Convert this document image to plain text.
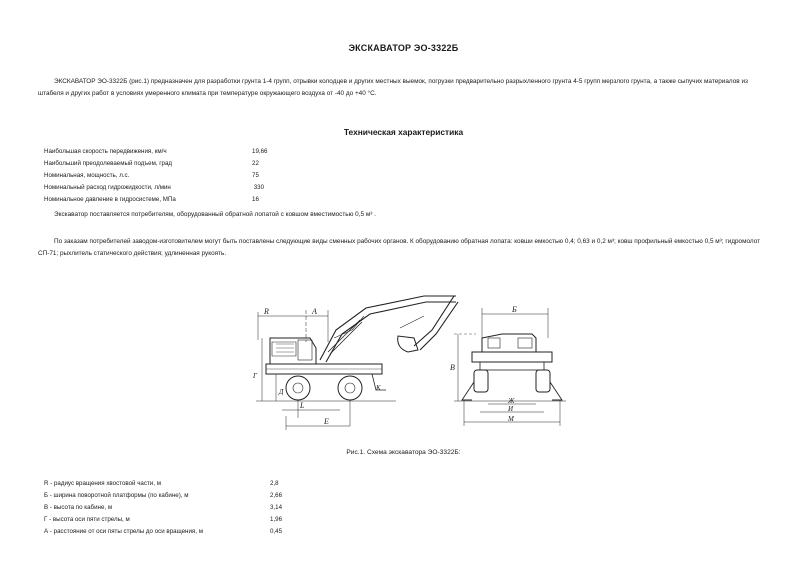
ЭКСКАВАТОР ЭО-3322Б

ЭКСКАВАТОР ЭО-3322Б (рис.1) предназначен для разработки грунта 1-4 групп, отрывки колодцев и других местных выемок, погрузки предварительно разрыхленного грунта 4-5 групп мерзлого грунта, а также сыпучих материалов из штабеля и других работ в условиях умеренного климата при температуре окружающего воздуха от -40 до +40 °С.

Техническая характеристика
Наибольшая скорость передвижения, км/ч	19,66
Наибольший преодолеваемый подъем, град	22
Номинальная, мощность, л.с.	75
Номинальный расход гидрожидкости, л/мин	330
Номинальное давление в гидросистеме, МПа	16

Экскаватор поставляется потребителям, оборудованный обратной лопатой с ковшом вместимостью 0,5 м³ .

По заказам потребителей заводом-изготовителем могут быть поставлены следующие виды сменных рабочих органов. К оборудованию обратная лопата: ковши емкостью 0,4; 0,63 и 0,2 м³; ковш профильный емкостью 0,5 м³; гидромолот СП-71; рыхлитель статического действия; удлиненная рукоять.

R	А
Г
Д
L
Е
К
Б
В
Ж
И
М
Рис.1. Схема экскаватора ЭО-3322Б:
R - радиус вращения хвостовой части, м	2,8
Б - ширина поворотной платформы (по кабине), м	2,66
В - высота по кабине, м	3,14
Г - высота оси пяти стрелы, м	1,96
А - расстояние от оси пяты стрелы до оси вращения, м	0,45
